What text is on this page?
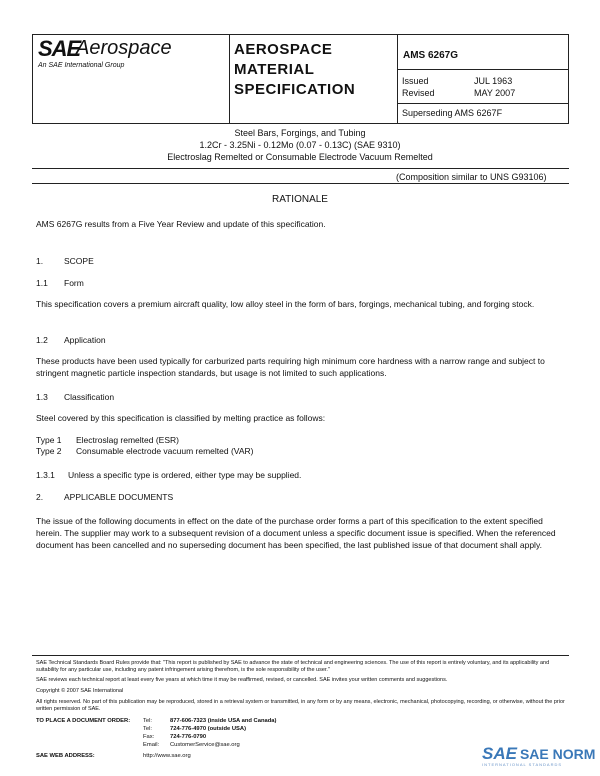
SAE
Aerospace
An SAE International Group
AEROSPACE
MATERIAL
SPECIFICATION
AMS 6267G
Issued	JUL 1963
Revised	MAY 2007
Superseding AMS 6267F
Steel Bars, Forgings, and Tubing
1.2Cr - 3.25Ni - 0.12Mo (0.07 - 0.13C) (SAE 9310)
Electroslag Remelted or Consumable Electrode Vacuum Remelted
(Composition similar to UNS G93106)
RATIONALE

AMS 6267G results from a Five Year Review and update of this specification.

1. SCOPE
1.1 Form

This specification covers a premium aircraft quality, low alloy steel in the form of bars, forgings, mechanical tubing, and forging stock.

1.2 Application

These products have been used typically for carburized parts requiring high minimum core hardness with a narrow range and subject to stringent magnetic particle inspection standards, but usage is not limited to such applications.

1.3 Classification

Steel covered by this specification is classified by melting practice as follows:

Type 1 Electroslag remelted (ESR)
Type 2 Consumable electrode vacuum remelted (VAR)
1.3.1 Unless a specific type is ordered, either type may be supplied.
2. APPLICABLE DOCUMENTS

The issue of the following documents in effect on the date of the purchase order forms a part of this specification to the extent specified herein. The supplier may work to a subsequent revision of a document unless a specific document issue is specified. When the referenced document has been cancelled and no superseding document has been specified, the last published issue of that document shall apply.

SAE Technical Standards Board Rules provide that: "This report is published by SAE to advance the state of technical and engineering sciences. The use of this report is entirely voluntary, and its applicability and suitability for any particular use, including any patent infringement arising therefrom, is the sole responsibility of the user."
SAE reviews each technical report at least every five years at which time it may be reaffirmed, revised, or cancelled. SAE invites your written comments and suggestions.
Copyright © 2007 SAE International
All rights reserved. No part of this publication may be reproduced, stored in a retrieval system or transmitted, in any form or by any means, electronic, mechanical, photocopying, recording, or otherwise, without the prior written permission of SAE.
TO PLACE A DOCUMENT ORDER: Tel:	877-606-7323 (inside USA and Canada)
Tel:	724-776-4970 (outside USA)
Fax:	724-776-0790
Email: CustomerService@sae.org
SAE WEB ADDRESS:	http://www.sae.org	SAE SAE NORM
INTERNATIONAL STANDARDS
